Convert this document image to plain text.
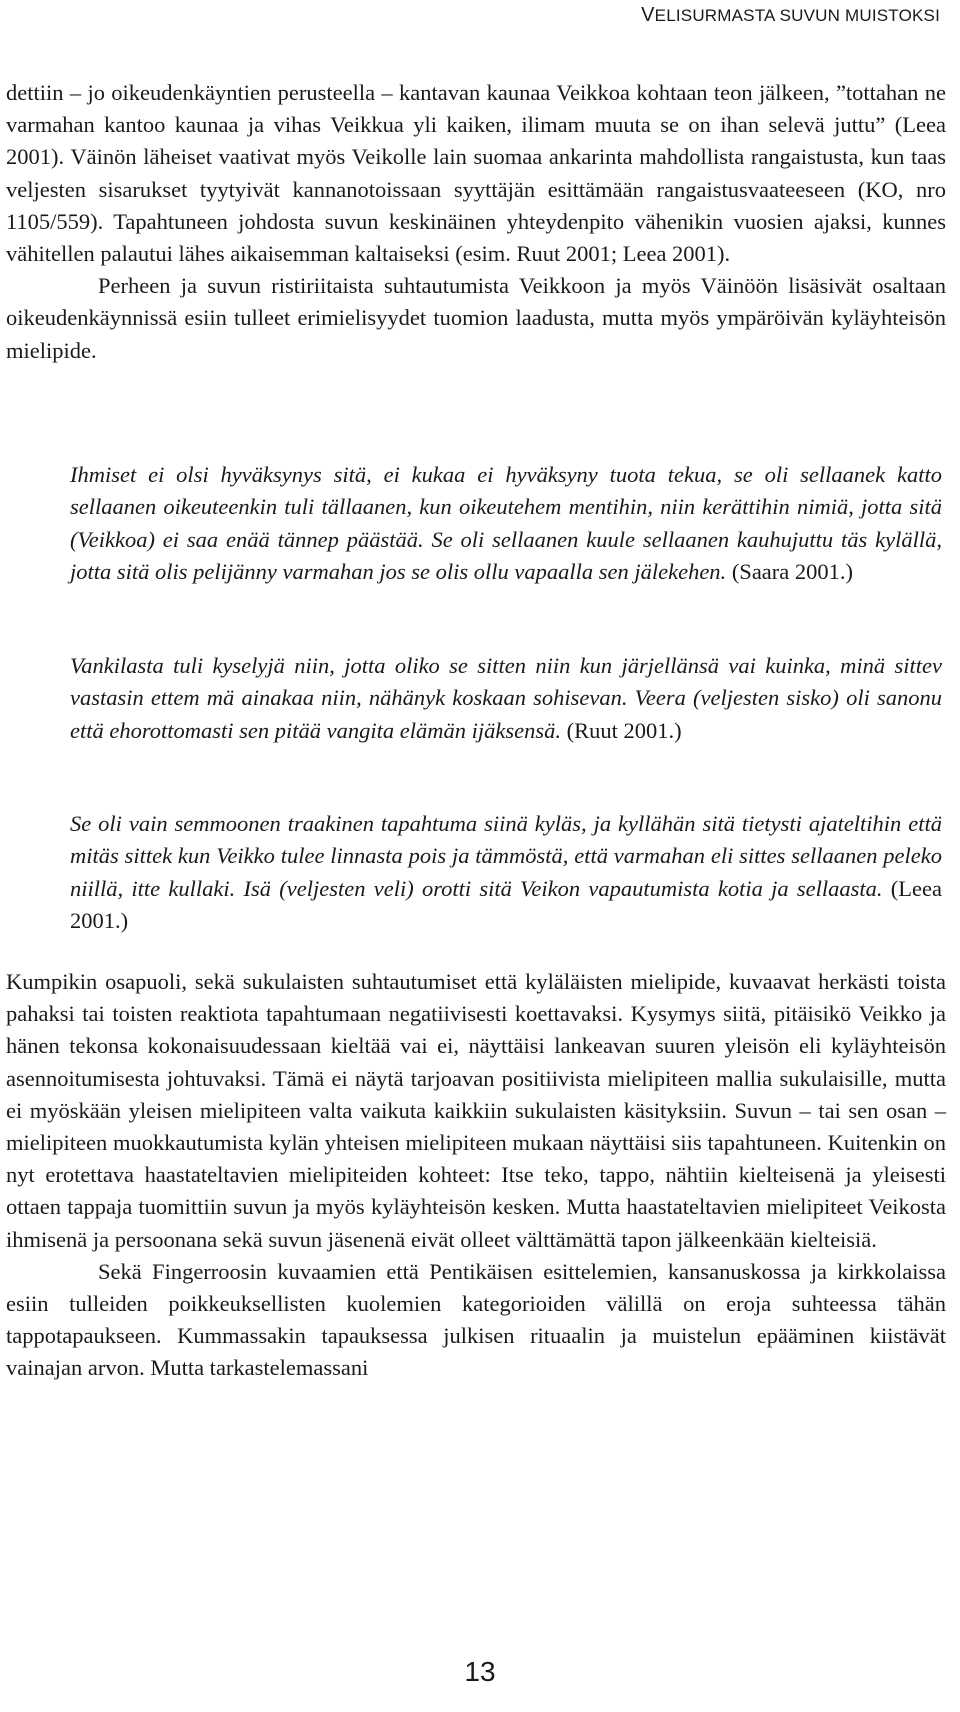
VELISURMASTA SUVUN MUISTOKSI

dettiin – jo oikeudenkäyntien perusteella – kantavan kaunaa Veikkoa kohtaan teon jälkeen, ”tottahan ne varmahan kantoo kaunaa ja vihas Veikkua yli kaiken, ilimam muuta se on ihan selevä juttu” (Leea 2001). Väinön läheiset vaativat myös Veikolle lain suomaa ankarinta mahdollista rangaistusta, kun taas veljesten sisarukset tyytyivät kannanotoissaan syyttäjän esittämään rangaistusvaateeseen (KO, nro 1105/559). Tapahtuneen johdosta suvun keskinäinen yhteydenpito vähenikin vuosien ajaksi, kunnes vähitellen palautui lähes aikaisemman kaltaiseksi (esim. Ruut 2001; Leea 2001).

Perheen ja suvun ristiriitaista suhtautumista Veikkoon ja myös Väinöön lisäsivät osaltaan oikeudenkäynnissä esiin tulleet erimielisyydet tuomion laadusta, mutta myös ympäröivän kyläyhteisön mielipide.

Ihmiset ei olsi hyväksynys sitä, ei kukaa ei hyväksyny tuota tekua, se oli sellaanek katto sellaanen oikeuteenkin tuli tällaanen, kun oikeutehem mentihin, niin kerättihin nimiä, jotta sitä (Veikkoa) ei saa enää tännep päästää. Se oli sellaanen kuule sellaanen kauhujuttu täs kylällä, jotta sitä olis pelijänny varmahan jos se olis ollu vapaalla sen jälekehen. (Saara 2001.)
Vankilasta tuli kyselyjä niin, jotta oliko se sitten niin kun järjellänsä vai kuinka, minä sittev vastasin ettem mä ainakaa niin, nähänyk koskaan sohisevan. Veera (veljesten sisko) oli sanonu että ehorottomasti sen pitää vangita elämän ijäksensä. (Ruut 2001.)
Se oli vain semmoonen traakinen tapahtuma siinä kyläs, ja kyllähän sitä tietysti ajateltihin että mitäs sittek kun Veikko tulee linnasta pois ja tämmöstä, että varmahan eli sittes sellaanen peleko niillä, itte kullaki. Isä (veljesten veli) orotti sitä Veikon vapautumista kotia ja sellaasta. (Leea 2001.)

Kumpikin osapuoli, sekä sukulaisten suhtautumiset että kyläläisten mielipide, kuvaavat herkästi toista pahaksi tai toisten reaktiota tapahtumaan negatiivisesti koettavaksi. Kysymys siitä, pitäisikö Veikko ja hänen tekonsa kokonaisuudessaan kieltää vai ei, näyttäisi lankeavan suuren yleisön eli kyläyhteisön asennoitumisesta johtuvaksi. Tämä ei näytä tarjoavan positiivista mielipiteen mallia sukulaisille, mutta ei myöskään yleisen mielipiteen valta vaikuta kaikkiin sukulaisten käsityksiin. Suvun – tai sen osan – mielipiteen muokkautumista kylän yhteisen mielipiteen mukaan näyttäisi siis tapahtuneen. Kuitenkin on nyt erotettava haastateltavien mielipiteiden kohteet: Itse teko, tappo, nähtiin kielteisenä ja yleisesti ottaen tappaja tuomittiin suvun ja myös kyläyhteisön kesken. Mutta haastateltavien mielipiteet Veikosta ihmisenä ja persoonana sekä suvun jäsenenä eivät olleet välttämättä tapon jälkeenkään kielteisiä.

Sekä Fingerroosin kuvaamien että Pentikäisen esittelemien, kansanuskossa ja kirkkolaissa esiin tulleiden poikkeuksellisten kuolemien kategorioiden välillä on eroja suhteessa tähän tappotapaukseen. Kummassakin tapauksessa julkisen rituaalin ja muistelun epääminen kiistävät vainajan arvon. Mutta tarkastelemassani

13
